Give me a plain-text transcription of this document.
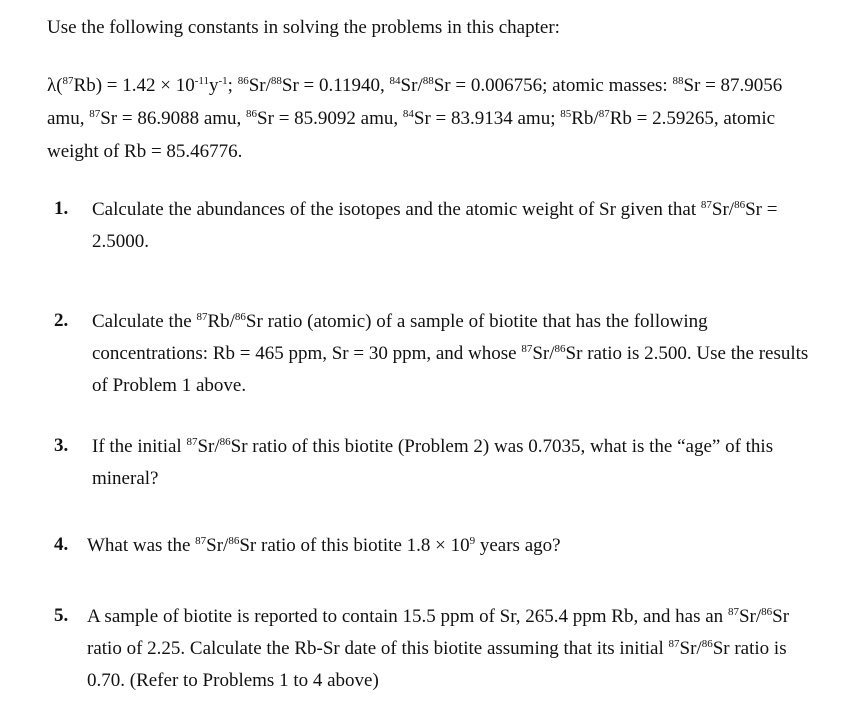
Use the following constants in solving the problems in this chapter:
$\lambda(^{87}Rb) = 1.42 \times 10^{-11}y^{-1}$; $^{86}$Sr/$^{88}$Sr = 0.11940, $^{84}$Sr/$^{88}$Sr = 0.006756; atomic masses: $^{88}$Sr = 87.9056
amu, $^{87}$Sr = 86.9088 amu, $^{86}$Sr = 85.9092 amu, $^{84}$Sr = 83.9134 amu; $^{85}$Rb/$^{87}$Rb = 2.59265, atomic
weight of Rb = 85.46776.
1. Calculate the abundances of the isotopes and the atomic weight of Sr given that $^{87}$Sr/$^{86}$Sr =
2.5000.
2. Calculate the $^{87}$Rb/$^{86}$Sr ratio (atomic) of a sample of biotite that has the following
concentrations: Rb = 465 ppm, Sr = 30 ppm, and whose $^{87}$Sr/$^{86}$Sr ratio is 2.500. Use the results
of Problem 1 above.
3. If the initial $^{87}$Sr/$^{86}$Sr ratio of this biotite (Problem 2) was 0.7035, what is the “age” of this
mineral?
4. What was the $^{87}$Sr/$^{86}$Sr ratio of this biotite $1.8 \times 10^9$ years ago?
5. A sample of biotite is reported to contain 15.5 ppm of Sr, 265.4 ppm Rb, and has an $^{87}$Sr/$^{86}$Sr
ratio of 2.25. Calculate the Rb-Sr date of this biotite assuming that its initial $^{87}$Sr/$^{86}$Sr ratio is
0.70. (Refer to Problems 1 to 4 above)
